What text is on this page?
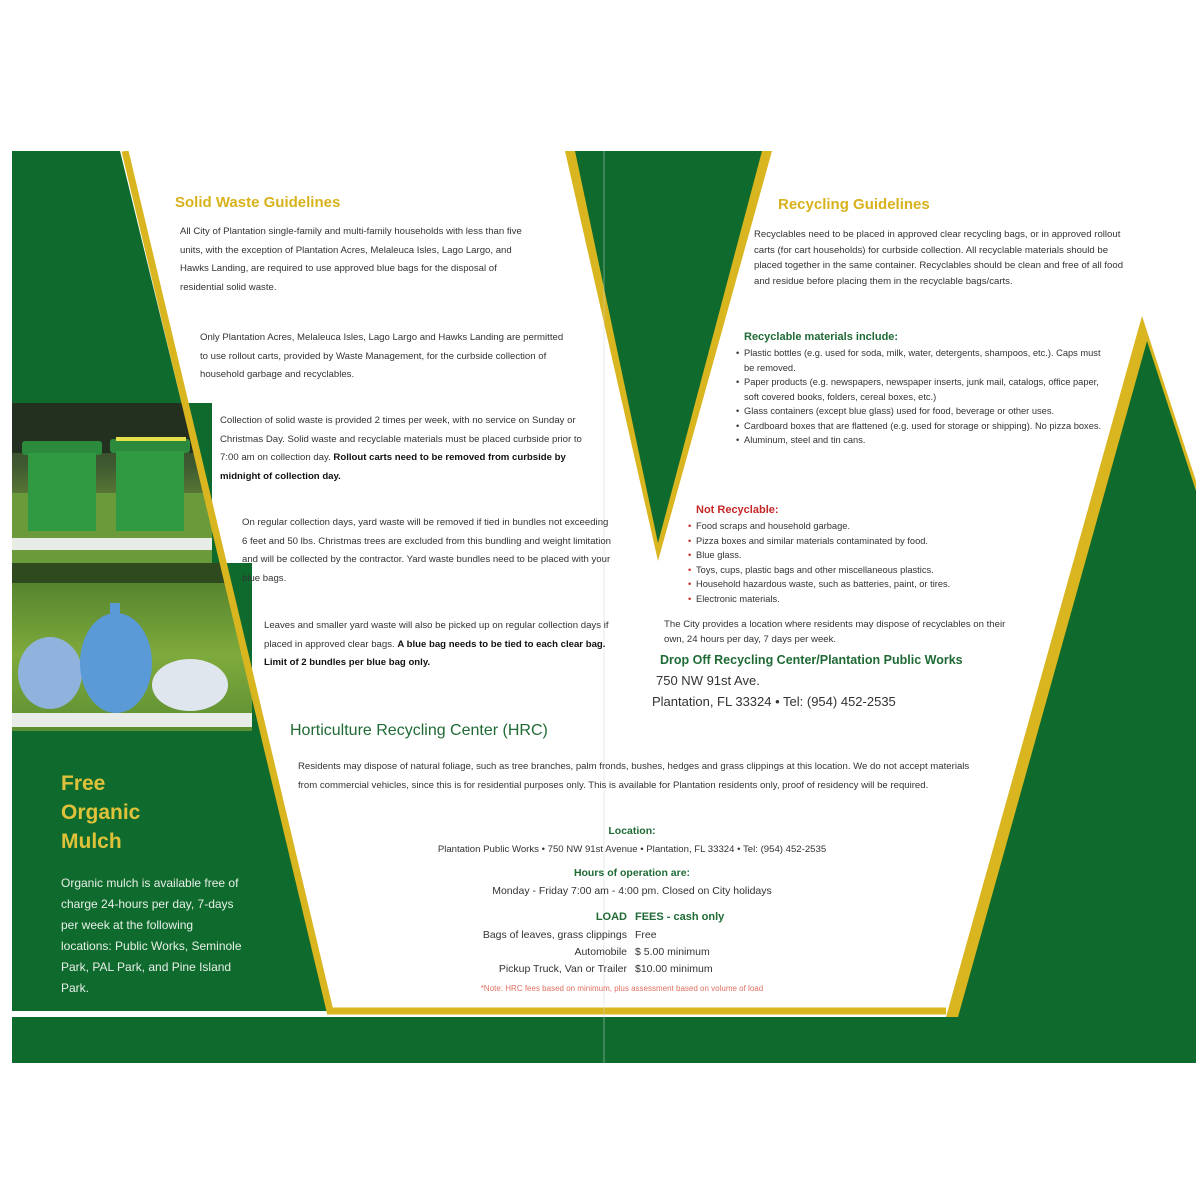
Solid Waste Guidelines
All City of Plantation single-family and multi-family households with less than five units, with the exception of Plantation Acres, Melaleuca Isles, Lago Largo, and Hawks Landing, are required to use approved blue bags for the disposal of residential solid waste.
Only Plantation Acres, Melaleuca Isles, Lago Largo and Hawks Landing are permitted to use rollout carts, provided by Waste Management, for the curbside collection of household garbage and recyclables.
Collection of solid waste is provided 2 times per week, with no service on Sunday or Christmas Day. Solid waste and recyclable materials must be placed curbside prior to 7:00 am on collection day. Rollout carts need to be removed from curbside by midnight of collection day.
On regular collection days, yard waste will be removed if tied in bundles not exceeding 6 feet and 50 lbs. Christmas trees are excluded from this bundling and weight limitation and will be collected by the contractor. Yard waste bundles need to be placed with your blue bags.
Leaves and smaller yard waste will also be picked up on regular collection days if placed in approved clear bags. A blue bag needs to be tied to each clear bag. Limit of 2 bundles per blue bag only.
Recycling Guidelines
Recyclables need to be placed in approved clear recycling bags, or in approved rollout carts (for cart households) for curbside collection. All recyclable materials should be placed together in the same container. Recyclables should be clean and free of all food and residue before placing them in the recyclable bags/carts.
Recyclable materials include:
• Plastic bottles (e.g. used for soda, milk, water, detergents, shampoos, etc.). Caps must be removed.
• Paper products (e.g. newspapers, newspaper inserts, junk mail, catalogs, office paper, soft covered books, folders, cereal boxes, etc.)
• Glass containers (except blue glass) used for food, beverage or other uses.
• Cardboard boxes that are flattened (e.g. used for storage or shipping). No pizza boxes.
• Aluminum, steel and tin cans.
Not Recyclable:
• Food scraps and household garbage.
• Pizza boxes and similar materials contaminated by food.
• Blue glass.
• Toys, cups, plastic bags and other miscellaneous plastics.
• Household hazardous waste, such as batteries, paint, or tires.
• Electronic materials.
The City provides a location where residents may dispose of recyclables on their own, 24 hours per day, 7 days per week.
Drop Off Recycling Center/Plantation Public Works
750 NW 91st Ave.
Plantation, FL 33324 • Tel: (954) 452-2535
Horticulture Recycling Center (HRC)
Residents may dispose of natural foliage, such as tree branches, palm fronds, bushes, hedges and grass clippings at this location. We do not accept materials from commercial vehicles, since this is for residential purposes only. This is available for Plantation residents only, proof of residency will be required.
Location:
Plantation Public Works • 750 NW 91st Avenue • Plantation, FL 33324 • Tel: (954) 452-2535
Hours of operation are:
Monday - Friday 7:00 am - 4:00 pm. Closed on City holidays
LOAD FEES - cash only
Bags of leaves, grass clippings Free
Automobile $ 5.00 minimum
Pickup Truck, Van or Trailer $10.00 minimum
*Note: HRC fees based on minimum, plus assessment based on volume of load
Free
Organic
Mulch
Organic mulch is available free of charge 24-hours per day, 7-days per week at the following locations: Public Works, Seminole Park, PAL Park, and Pine Island Park.
